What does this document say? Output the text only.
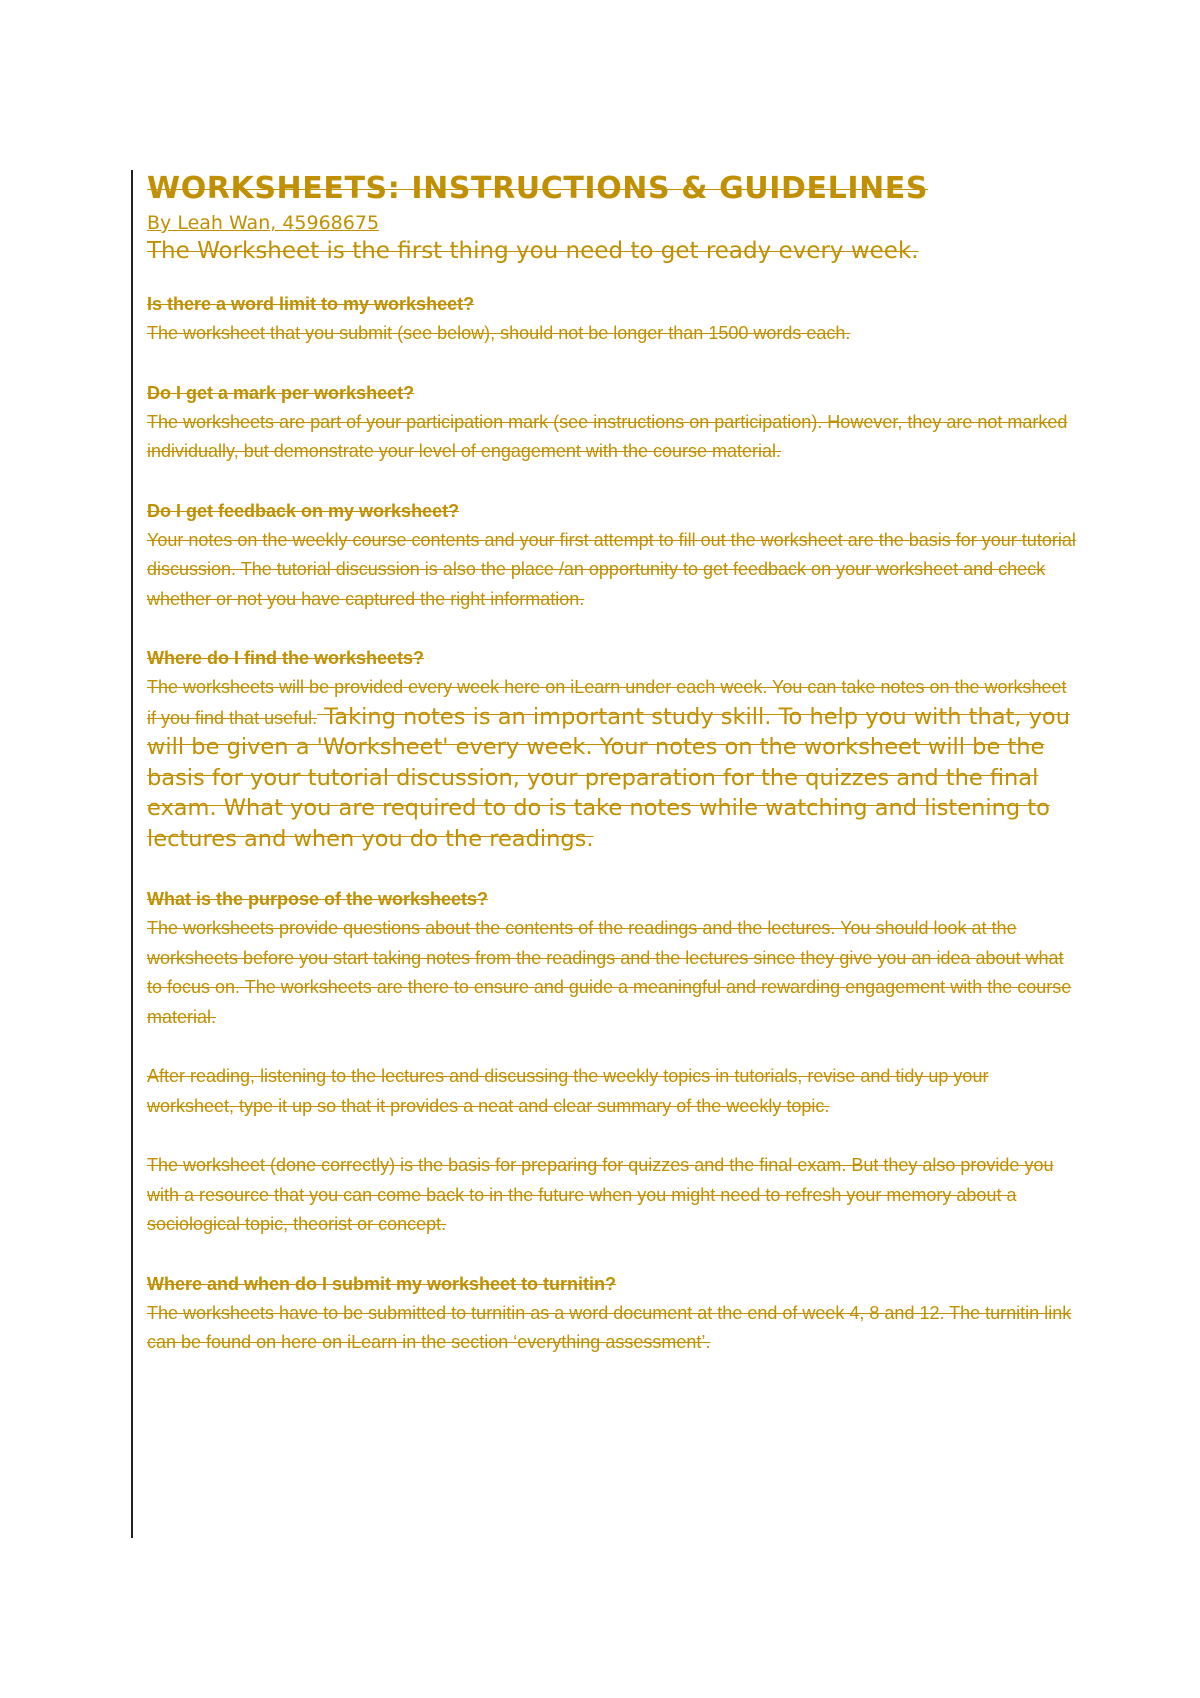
WORKSHEETS: INSTRUCTIONS & GUIDELINES

By Leah Wan, 45968675

The Worksheet is the first thing you need to get ready every week.

Is there a word limit to my worksheet?

The worksheet that you submit (see below), should not be longer than 1500 words each.

Do I get a mark per worksheet?

The worksheets are part of your participation mark (see instructions on participation). However, they are not marked individually, but demonstrate your level of engagement with the course material.

Do I get feedback on my worksheet?

Your notes on the weekly course contents and your first attempt to fill out the worksheet are the basis for your tutorial discussion. The tutorial discussion is also the place /an opportunity to get feedback on your worksheet and check whether or not you have captured the right information.

Where do I find the worksheets?

The worksheets will be provided every week here on iLearn under each week. You can take notes on the worksheet if you find that useful. Taking notes is an important study skill. To help you with that, you will be given a 'Worksheet' every week. Your notes on the worksheet will be the basis for your tutorial discussion, your preparation for the quizzes and the final exam. What you are required to do is take notes while watching and listening to lectures and when you do the readings.

What is the purpose of the worksheets?

The worksheets provide questions about the contents of the readings and the lectures. You should look at the worksheets before you start taking notes from the readings and the lectures since they give you an idea about what to focus on. The worksheets are there to ensure and guide a meaningful and rewarding engagement with the course material.

After reading, listening to the lectures and discussing the weekly topics in tutorials, revise and tidy up your worksheet, type it up so that it provides a neat and clear summary of the weekly topic.

The worksheet (done correctly) is the basis for preparing for quizzes and the final exam. But they also provide you with a resource that you can come back to in the future when you might need to refresh your memory about a sociological topic, theorist or concept.

Where and when do I submit my worksheet to turnitin?

The worksheets have to be submitted to turnitin as a word document at the end of week 4, 8 and 12. The turnitin link can be found on here on iLearn in the section ‘everything assessment’.
